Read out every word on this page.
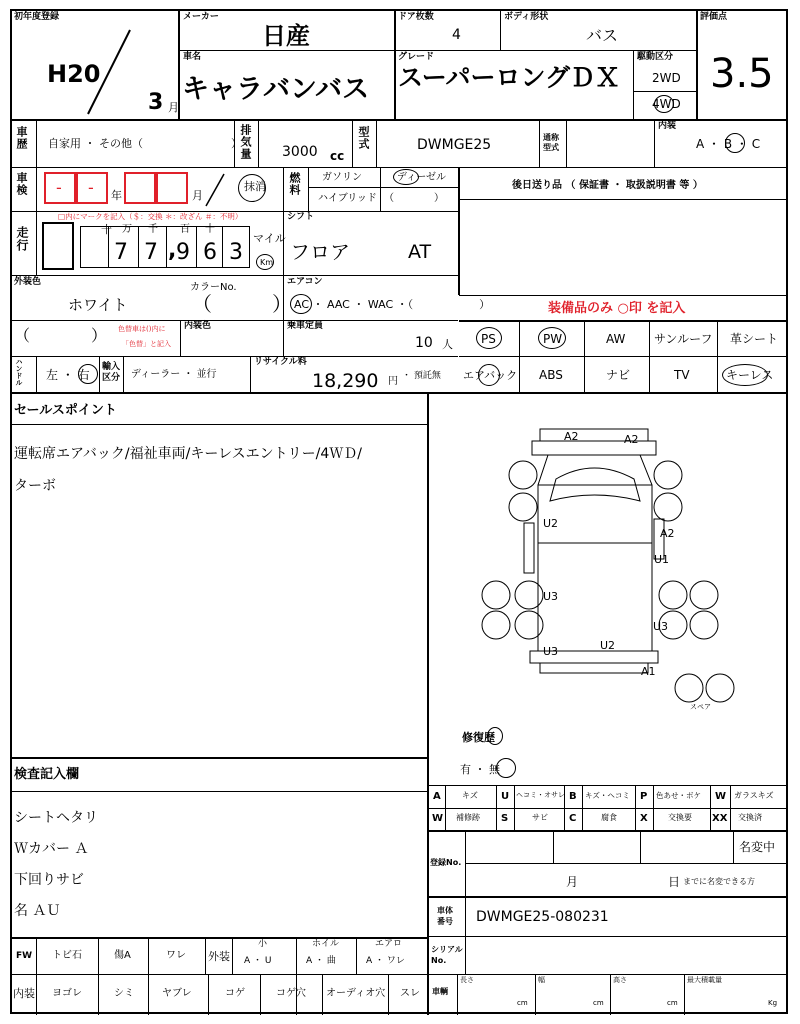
初年度登録
H20
3 月
メーカー
日産
ドア枚数
4
ボディ形状
バス
評価点
3.5
車名
キャラバンバス
グレード
スーパーロングＤＸ
駆動区分
2WD
4WD
車歴 自家用 ・ その他（　　　　　　　　）
排気量 3000 cc
型式	DWMGE25	通称型式
内装
A ・ B ・ C
車検 - - 年	月
抹消 燃料 ガソリン	ディーゼル
ハイブリッド （　　　　）
後日送り品 （ 保証書 ・ 取扱説明書 等 ）
走行
□内にマークを記入（＄：交換 ＊：改ざん ＃：不明）
十 万 千 百 十
7 7 , 9 6 3
マイル
Km
シフト
フロア	AT
外装色
ホワイト
カラーNo.
（　　　）
エアコン
AC ・ AAC ・ WAC ・（　　　　　　）	装備品のみ ○印 を記入
PS	PW	AW サンルーフ 革シート
エアバック ABS	ナビ	TV	キーレス
（            ） 色替車は()内に
「色替」と記入
内装色	乗車定員
10 人
ハンドル 左 ・ 右
輸入区分 ディーラー ・ 並行
リサイクル料
18,290 円 ・ 預託無
セールスポイント
運転席エアバック/福祉車両/キーレスエントリー/4ＷＤ/
ターボ
検査記入欄
シートヘタリ
Ｗカバー Ａ
下回りサビ
名 ＡＵ
A2	A2
U2
A2
U1
U3
U3
U2
U3
A1
スペア
修復歴
有 ・ 無
A	キズ U ヘコミ・オサレ B キズ・ヘコミ P 色あせ・ボケ W ガラスキズ
W 補修跡 S	サビ C	腐食 X	交換要 XX 交換済
登録No.
名変中
月	日 までに名変できる方
車体番号	DWMGE25-080231
シリアルNo.
車輌
長さ
cm
幅
cm
高さ
cm
最大積載量
Kg
FW トビ石	傷A	ワレ 外装
小
A ・ U
ホイル
A ・ 曲
エアロ
A ・ ワレ
内装 ヨゴレ	シミ	ヤブレ	コゲ	コゲ穴 オーディオ穴 スレ
